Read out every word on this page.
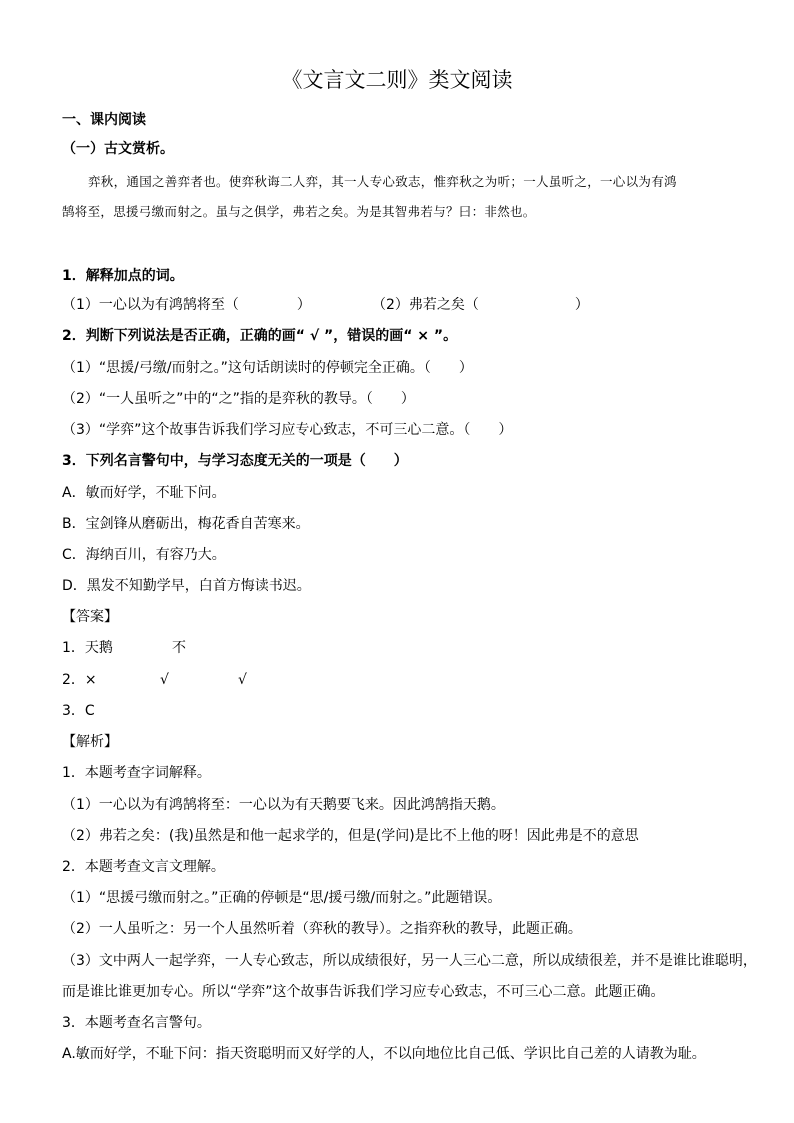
《文言文二则》类文阅读
一、课内阅读
（一）古文赏析。
弈秋，通国之善弈者也。使弈秋诲二人弈，其一人专心致志，惟弈秋之为听；一人虽听之，一心以为有鸿
鹄将至，思援弓缴而射之。虽与之俱学，弗若之矣。为是其智弗若与？曰：非然也。
1．解释加点的词。
（1）一心以为有鸿鹄将至（	）	（2）弗若之矣（	）
2．判断下列说法是否正确，正确的画“ √ ”，错误的画“ × ”。
（1）“思援/弓缴/而射之。”这句话朗读时的停顿完全正确。（　　）
（2）“一人虽听之”中的“之”指的是弈秋的教导。（　　）
（3）“学弈”这个故事告诉我们学习应专心致志，不可三心二意。（　　）
3．下列名言警句中，与学习态度无关的一项是（　　）
A．敏而好学，不耻下问。
B．宝剑锋从磨砺出，梅花香自苦寒来。
C．海纳百川，有容乃大。
D．黑发不知勤学早，白首方悔读书迟。
【答案】
1．天鹅	不
2．×	√	√
3．C
【解析】
1．本题考查字词解释。
（1）一心以为有鸿鹄将至：一心以为有天鹅要飞来。因此鸿鹄指天鹅。
（2）弗若之矣：(我)虽然是和他一起求学的，但是(学问)是比不上他的呀！因此弗是不的意思
2．本题考查文言文理解。
（1）“思援弓缴而射之。”正确的停顿是“思/援弓缴/而射之。”此题错误。
（2）一人虽听之：另一个人虽然听着（弈秋的教导）。之指弈秋的教导，此题正确。
（3）文中两人一起学弈，一人专心致志，所以成绩很好，另一人三心二意，所以成绩很差，并不是谁比谁聪明，
而是谁比谁更加专心。所以“学弈”这个故事告诉我们学习应专心致志，不可三心二意。此题正确。
3．本题考查名言警句。
A.敏而好学，不耻下问：指天资聪明而又好学的人，不以向地位比自己低、学识比自己差的人请教为耻。
